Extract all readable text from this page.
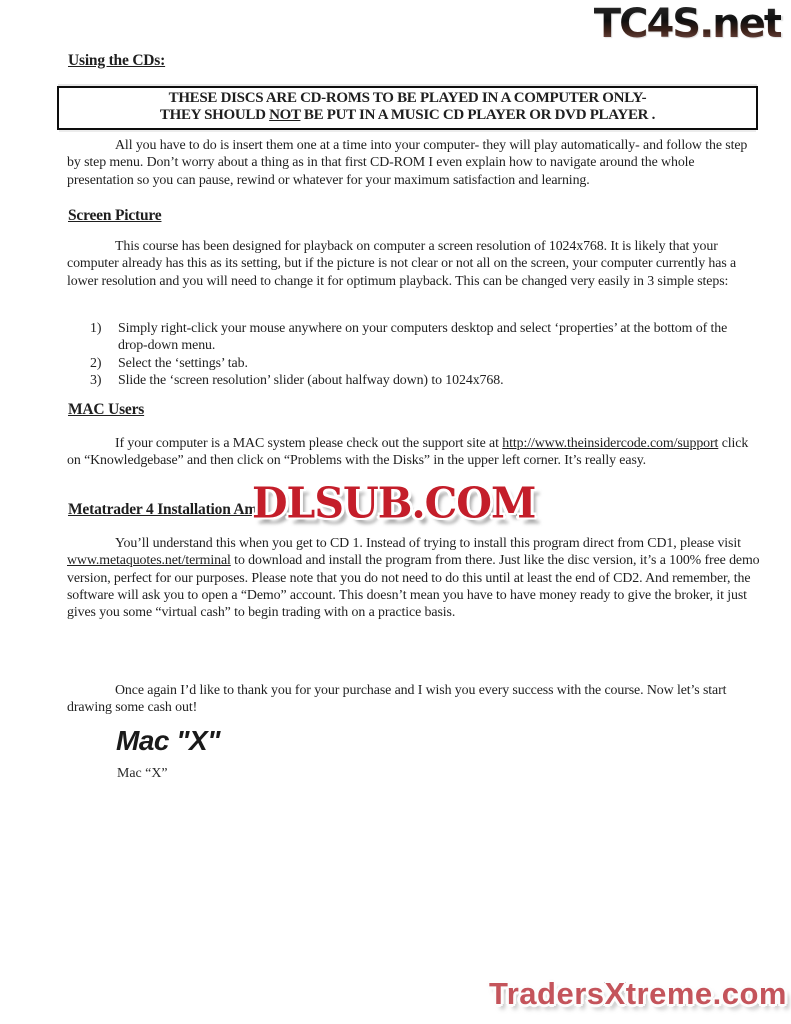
TC4S.net
Using the CDs:
THESE DISCS ARE CD-ROMS TO BE PLAYED IN A COMPUTER ONLY-
THEY SHOULD NOT BE PUT IN A MUSIC CD PLAYER OR DVD PLAYER .
All you have to do is insert them one at a time into your computer- they will play automatically- and follow the step by step menu. Don’t worry about a thing as in that first CD-ROM I even explain how to navigate around the whole presentation so you can pause, rewind or whatever for your maximum satisfaction and learning.
Screen Picture
This course has been designed for playback on computer a screen resolution of 1024x768. It is likely that your computer already has this as its setting, but if the picture is not clear or not all on the screen, your computer currently has a lower resolution and you will need to change it for optimum playback. This can be changed very easily in 3 simple steps:
1)	Simply right-click your mouse anywhere on your computers desktop and select ‘properties’ at the bottom of the drop-down menu.
2)	Select the ‘settings’ tab.
3)	Slide the ‘screen resolution’ slider (about halfway down) to 1024x768.
MAC Users
If your computer is a MAC system please check out the support site at http://www.theinsidercode.com/support click on “Knowledgebase” and then click on “Problems with the Disks” in the upper left corner. It’s really easy.
Metatrader 4 Installation Ame
DLSUB.COM
You’ll understand this when you get to CD 1. Instead of trying to install this program direct from CD1, please visit www.metaquotes.net/terminal to download and install the program from there. Just like the disc version, it’s a 100% free demo version, perfect for our purposes. Please note that you do not need to do this until at least the end of CD2. And remember, the software will ask you to open a “Demo” account. This doesn’t mean you have to have money ready to give the broker, it just gives you some “virtual cash” to begin trading with on a practice basis.
Once again I’d like to thank you for your purchase and I wish you every success with the course. Now let’s start drawing some cash out!
Mac "X"
Mac “X”
TradersXtreme.com
